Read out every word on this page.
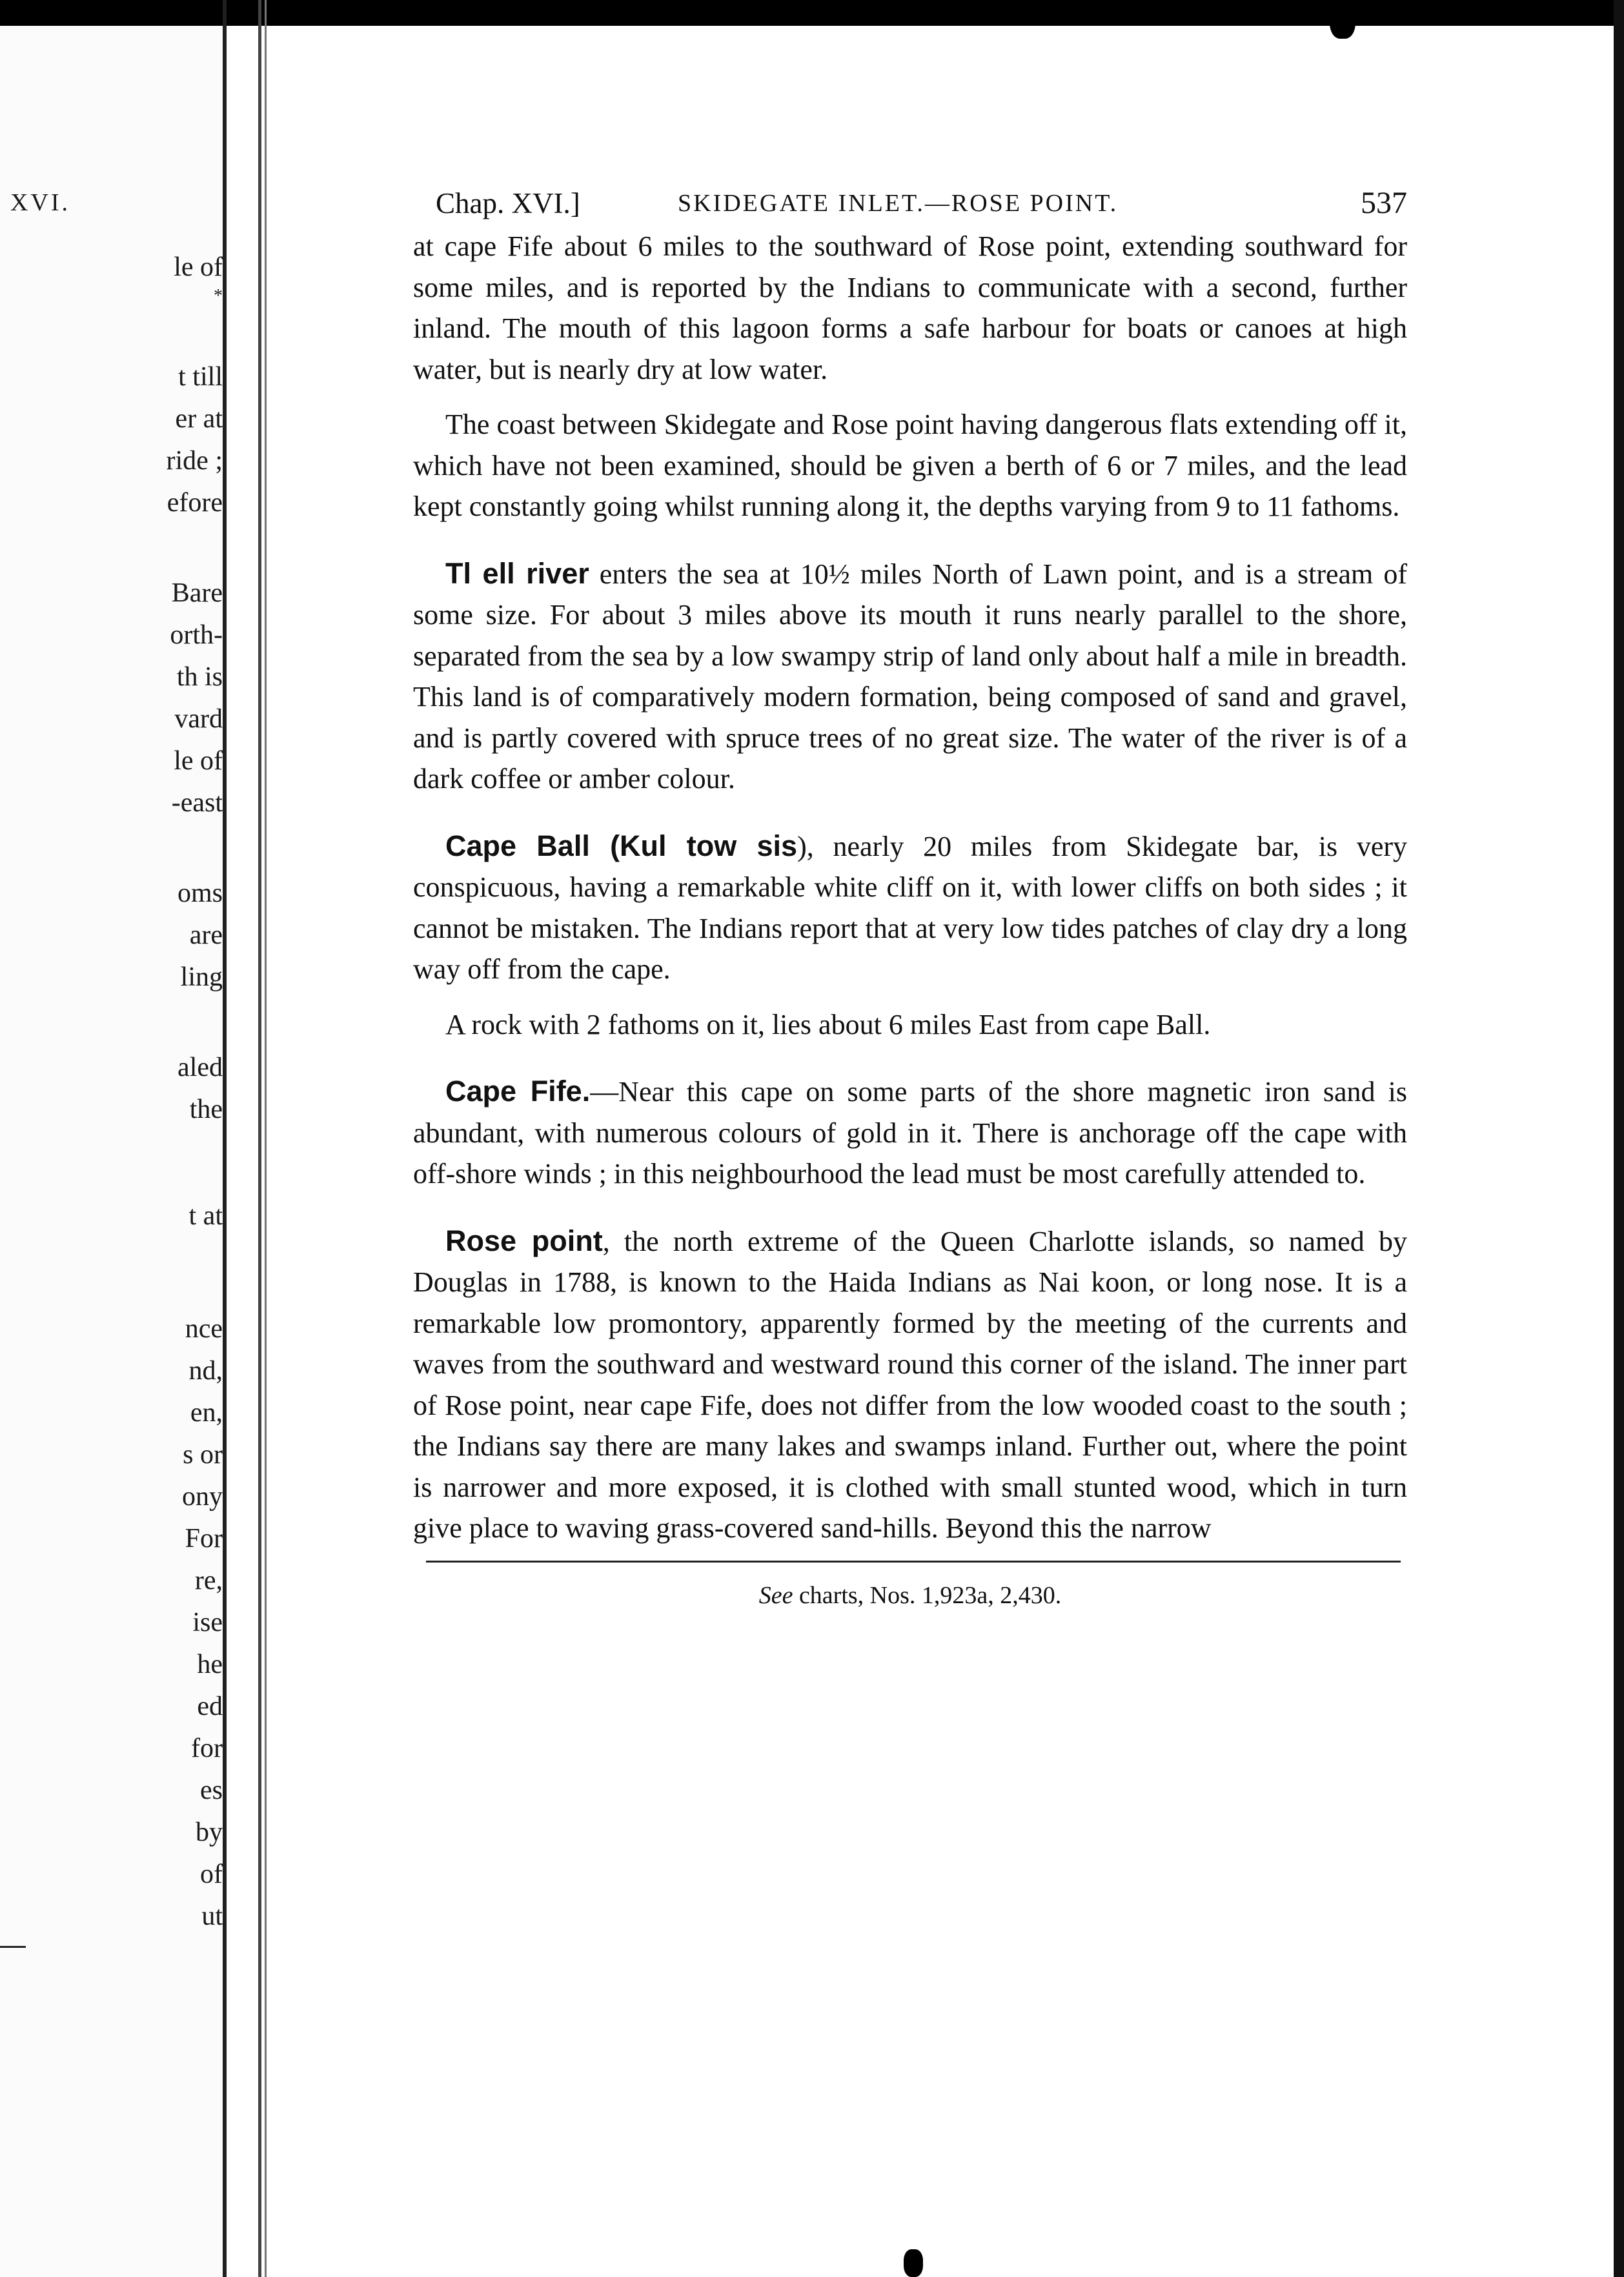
XVI.

le of

*

t till

er at

ride ;

efore

Bare

orth-

th is

vard

le of

-east

oms

are

ling

aled

the

t at

nce

nd,

en,

s or

ony

For

re,

ise

he

ed

for

es

by

of

ut

Chap. XVI.]	SKIDEGATE INLET.—ROSE POINT.	537

at cape Fife about 6 miles to the southward of Rose point, extending southward for some miles, and is reported by the Indians to communicate with a second, further inland. The mouth of this lagoon forms a safe harbour for boats or canoes at high water, but is nearly dry at low water.

The coast between Skidegate and Rose point having dangerous flats extending off it, which have not been examined, should be given a berth of 6 or 7 miles, and the lead kept constantly going whilst running along it, the depths varying from 9 to 11 fathoms.

Tl ell river enters the sea at 10½ miles North of Lawn point, and is a stream of some size. For about 3 miles above its mouth it runs nearly parallel to the shore, separated from the sea by a low swampy strip of land only about half a mile in breadth. This land is of comparatively modern formation, being composed of sand and gravel, and is partly covered with spruce trees of no great size. The water of the river is of a dark coffee or amber colour.

Cape Ball (Kul tow sis), nearly 20 miles from Skidegate bar, is very conspicuous, having a remarkable white cliff on it, with lower cliffs on both sides ; it cannot be mistaken. The Indians report that at very low tides patches of clay dry a long way off from the cape.

A rock with 2 fathoms on it, lies about 6 miles East from cape Ball.

Cape Fife.—Near this cape on some parts of the shore magnetic iron sand is abundant, with numerous colours of gold in it. There is anchorage off the cape with off-shore winds ; in this neighbourhood the lead must be most carefully attended to.

Rose point, the north extreme of the Queen Charlotte islands, so named by Douglas in 1788, is known to the Haida Indians as Nai koon, or long nose. It is a remarkable low promontory, apparently formed by the meeting of the currents and waves from the southward and westward round this corner of the island. The inner part of Rose point, near cape Fife, does not differ from the low wooded coast to the south ; the Indians say there are many lakes and swamps inland. Further out, where the point is narrower and more exposed, it is clothed with small stunted wood, which in turn give place to waving grass-covered sand-hills. Beyond this the narrow

See charts, Nos. 1,923a, 2,430.
